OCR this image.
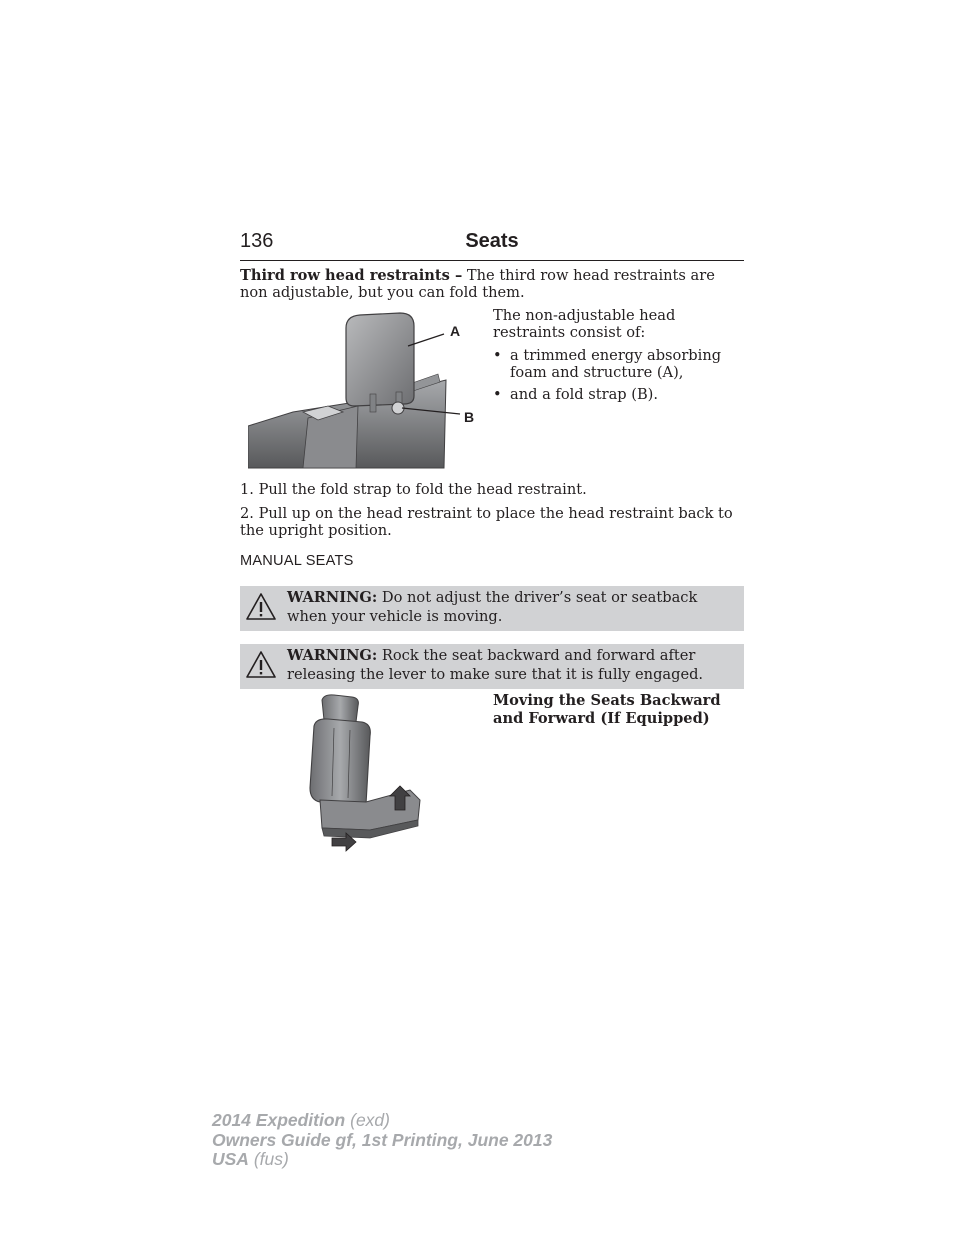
136	Seats
Third row head restraints – The third row head restraints are non adjustable, but you can fold them.
A
B
The non-adjustable head restraints consist of:
• a trimmed energy absorbing foam and structure (A),
• and a fold strap (B).
1. Pull the fold strap to fold the head restraint.
2. Pull up on the head restraint to place the head restraint back to the upright position.
MANUAL SEATS
WARNING: Do not adjust the driver’s seat or seatback when your vehicle is moving.
WARNING: Rock the seat backward and forward after releasing the lever to make sure that it is fully engaged.
Moving the Seats Backward and Forward (If Equipped)
2014 Expedition (exd)
Owners Guide gf, 1st Printing, June 2013
USA (fus)
